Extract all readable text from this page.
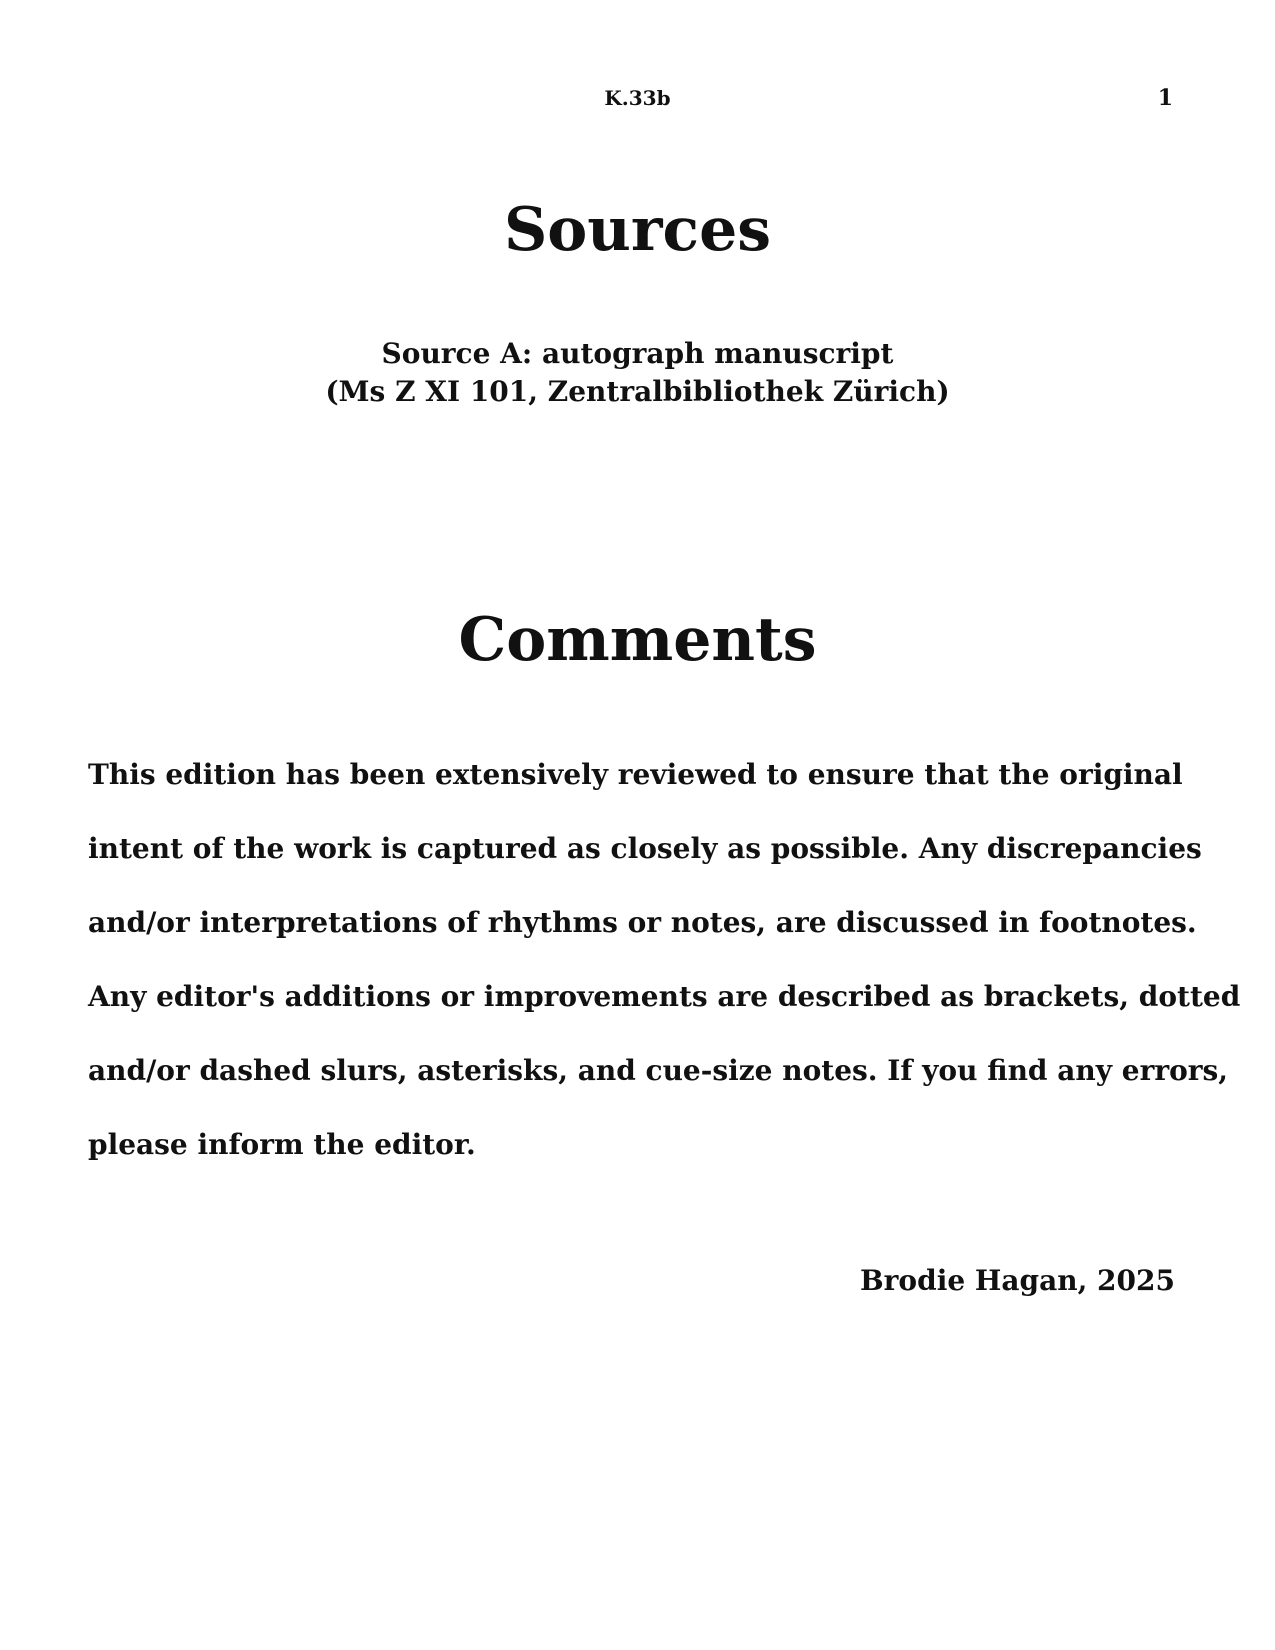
K.33b	1
Sources
Source A: autograph manuscript
(Ms Z XI 101, Zentralbibliothek Zürich)
Comments
This edition has been extensively reviewed to ensure that the original
intent of the work is captured as closely as possible. Any discrepancies
and/or interpretations of rhythms or notes, are discussed in footnotes.
Any editor's additions or improvements are described as brackets, dotted
and/or dashed slurs, asterisks, and cue-size notes. If you find any errors,
please inform the editor.
Brodie Hagan, 2025
